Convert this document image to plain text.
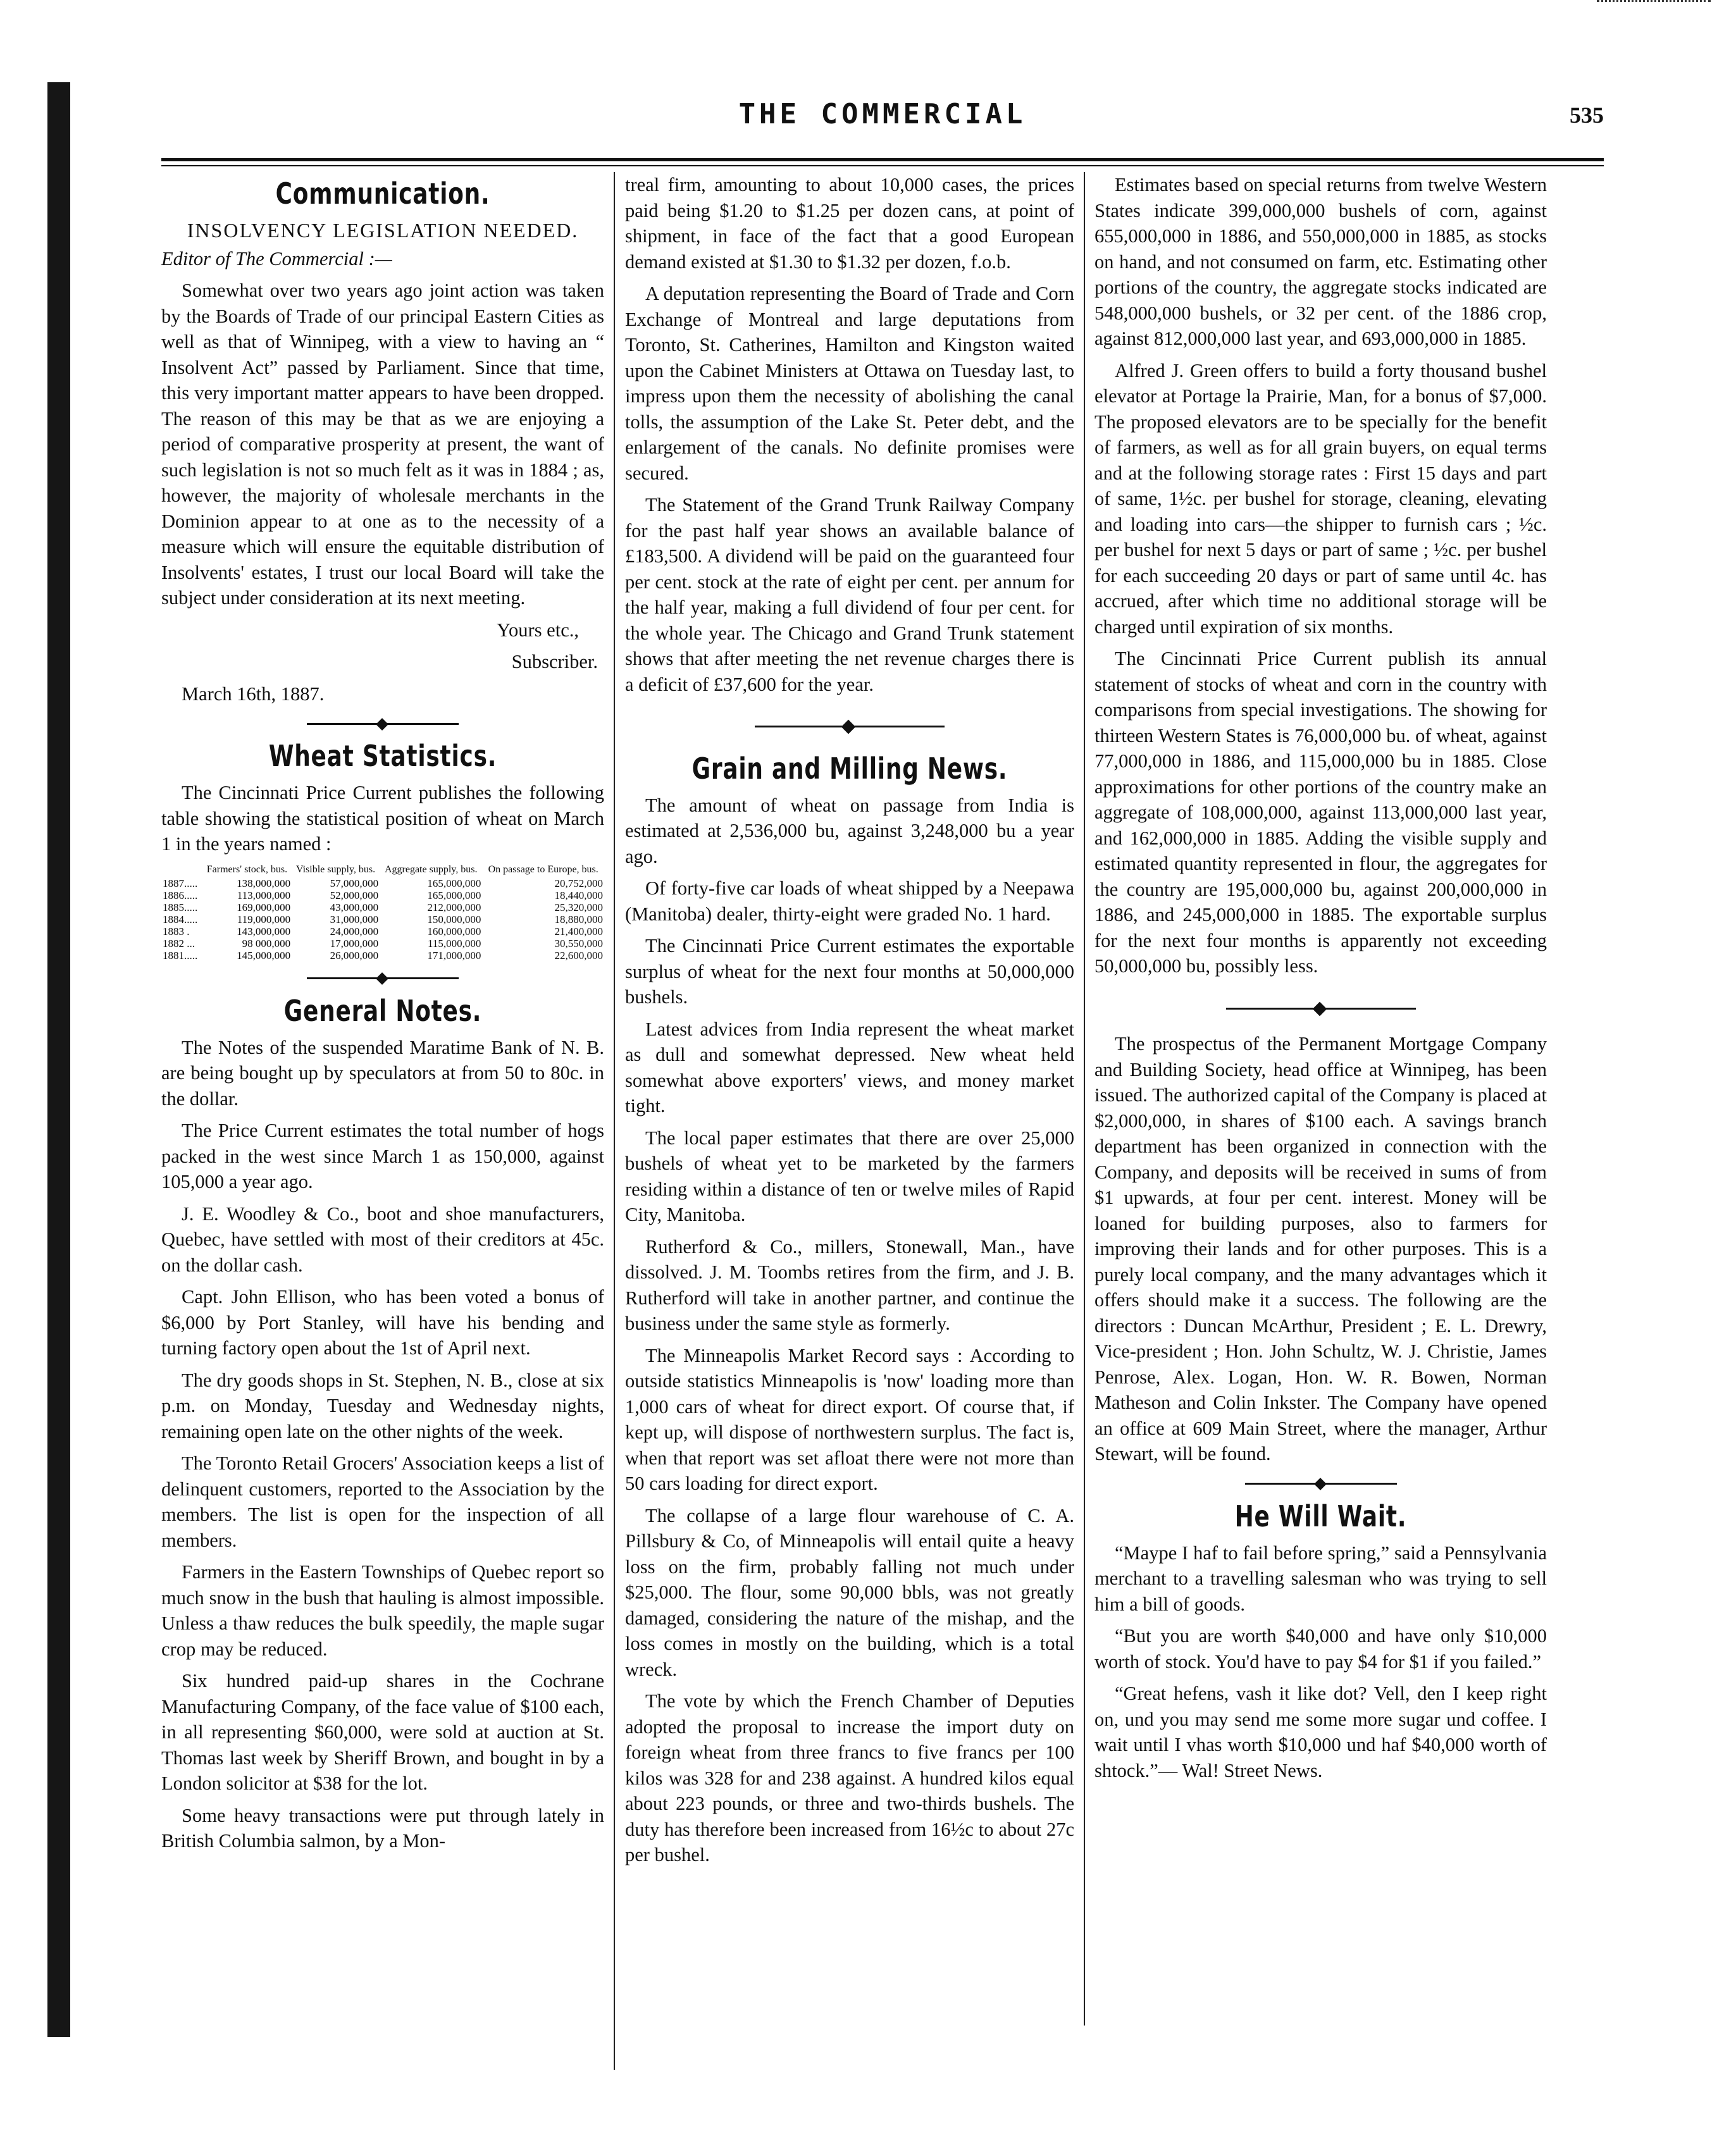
THE COMMERCIAL	535
Communication.
INSOLVENCY LEGISLATION NEEDED.

Editor of The Commercial :—

Somewhat over two years ago joint action was taken by the Boards of Trade of our principal Eastern Cities as well as that of Winnipeg, with a view to having an “ Insolvent Act” passed by Parliament. Since that time, this very important matter appears to have been dropped. The reason of this may be that as we are enjoying a period of comparative prosperity at present, the want of such legislation is not so much felt as it was in 1884 ; as, however, the majority of wholesale merchants in the Dominion appear to at one as to the necessity of a measure which will ensure the equitable distribution of Insolvents' estates, I trust our local Board will take the subject under consideration at its next meeting.

Yours etc.,

Subscriber.

March 16th, 1887.

Wheat Statistics.

The Cincinnati Price Current publishes the following table showing the statistical position of wheat on March 1 in the years named :

	Farmers' stock, bus.	Visible supply, bus.	Aggregate supply, bus.	On passage to Europe, bus.
1887.....	138,000,000	57,000,000	165,000,000	20,752,000
1886.....	113,000,000	52,000,000	165,000,000	18,440,000
1885.....	169,000,000	43,000,000	212,000,000	25,320,000
1884.....	119,000,000	31,000,000	150,000,000	18,880,000
1883 .	143,000,000	24,000,000	160,000,000	21,400,000
1882 ...	98 000,000	17,000,000	115,000,000	30,550,000
1881.....	145,000,000	26,000,000	171,000,000	22,600,000
General Notes.

The Notes of the suspended Maratime Bank of N. B. are being bought up by speculators at from 50 to 80c. in the dollar.

The Price Current estimates the total number of hogs packed in the west since March 1 as 150,000, against 105,000 a year ago.

J. E. Woodley & Co., boot and shoe manufacturers, Quebec, have settled with most of their creditors at 45c. on the dollar cash.

Capt. John Ellison, who has been voted a bonus of $6,000 by Port Stanley, will have his bending and turning factory open about the 1st of April next.

The dry goods shops in St. Stephen, N. B., close at six p.m. on Monday, Tuesday and Wednesday nights, remaining open late on the other nights of the week.

The Toronto Retail Grocers' Association keeps a list of delinquent customers, reported to the Association by the members. The list is open for the inspection of all members.

Farmers in the Eastern Townships of Quebec report so much snow in the bush that hauling is almost impossible. Unless a thaw reduces the bulk speedily, the maple sugar crop may be reduced.

Six hundred paid-up shares in the Cochrane Manufacturing Company, of the face value of $100 each, in all representing $60,000, were sold at auction at St. Thomas last week by Sheriff Brown, and bought in by a London solicitor at $38 for the lot.

Some heavy transactions were put through lately in British Columbia salmon, by a Mon-

treal firm, amounting to about 10,000 cases, the prices paid being $1.20 to $1.25 per dozen cans, at point of shipment, in face of the fact that a good European demand existed at $1.30 to $1.32 per dozen, f.o.b.

A deputation representing the Board of Trade and Corn Exchange of Montreal and large deputations from Toronto, St. Catherines, Hamilton and Kingston waited upon the Cabinet Ministers at Ottawa on Tuesday last, to impress upon them the necessity of abolishing the canal tolls, the assumption of the Lake St. Peter debt, and the enlargement of the canals. No definite promises were secured.

The Statement of the Grand Trunk Railway Company for the past half year shows an available balance of £183,500. A dividend will be paid on the guaranteed four per cent. stock at the rate of eight per cent. per annum for the half year, making a full dividend of four per cent. for the whole year. The Chicago and Grand Trunk statement shows that after meeting the net revenue charges there is a deficit of £37,600 for the year.

Grain and Milling News.

The amount of wheat on passage from India is estimated at 2,536,000 bu, against 3,248,000 bu a year ago.

Of forty-five car loads of wheat shipped by a Neepawa (Manitoba) dealer, thirty-eight were graded No. 1 hard.

The Cincinnati Price Current estimates the exportable surplus of wheat for the next four months at 50,000,000 bushels.

Latest advices from India represent the wheat market as dull and somewhat depressed. New wheat held somewhat above exporters' views, and money market tight.

The local paper estimates that there are over 25,000 bushels of wheat yet to be marketed by the farmers residing within a distance of ten or twelve miles of Rapid City, Manitoba.

Rutherford & Co., millers, Stonewall, Man., have dissolved. J. M. Toombs retires from the firm, and J. B. Rutherford will take in another partner, and continue the business under the same style as formerly.

The Minneapolis Market Record says : According to outside statistics Minneapolis is 'now' loading more than 1,000 cars of wheat for direct export. Of course that, if kept up, will dispose of northwestern surplus. The fact is, when that report was set afloat there were not more than 50 cars loading for direct export.

The collapse of a large flour warehouse of C. A. Pillsbury & Co, of Minneapolis will entail quite a heavy loss on the firm, probably falling not much under $25,000. The flour, some 90,000 bbls, was not greatly damaged, considering the nature of the mishap, and the loss comes in mostly on the building, which is a total wreck.

The vote by which the French Chamber of Deputies adopted the proposal to increase the import duty on foreign wheat from three francs to five francs per 100 kilos was 328 for and 238 against. A hundred kilos equal about 223 pounds, or three and two-thirds bushels. The duty has therefore been increased from 16½c to about 27c per bushel.

Estimates based on special returns from twelve Western States indicate 399,000,000 bushels of corn, against 655,000,000 in 1886, and 550,000,000 in 1885, as stocks on hand, and not consumed on farm, etc. Estimating other portions of the country, the aggregate stocks indicated are 548,000,000 bushels, or 32 per cent. of the 1886 crop, against 812,000,000 last year, and 693,000,000 in 1885.

Alfred J. Green offers to build a forty thousand bushel elevator at Portage la Prairie, Man, for a bonus of $7,000. The proposed elevators are to be specially for the benefit of farmers, as well as for all grain buyers, on equal terms and at the following storage rates : First 15 days and part of same, 1½c. per bushel for storage, cleaning, elevating and loading into cars—the shipper to furnish cars ; ½c. per bushel for next 5 days or part of same ; ½c. per bushel for each succeeding 20 days or part of same until 4c. has accrued, after which time no additional storage will be charged until expiration of six months.

The Cincinnati Price Current publish its annual statement of stocks of wheat and corn in the country with comparisons from special investigations. The showing for thirteen Western States is 76,000,000 bu. of wheat, against 77,000,000 in 1886, and 115,000,000 bu in 1885. Close approximations for other portions of the country make an aggregate of 108,000,000, against 113,000,000 last year, and 162,000,000 in 1885. Adding the visible supply and estimated quantity represented in flour, the aggregates for the country are 195,000,000 bu, against 200,000,000 in 1886, and 245,000,000 in 1885. The exportable surplus for the next four months is apparently not exceeding 50,000,000 bu, possibly less.

The prospectus of the Permanent Mortgage Company and Building Society, head office at Winnipeg, has been issued. The authorized capital of the Company is placed at $2,000,000, in shares of $100 each. A savings branch department has been organized in connection with the Company, and deposits will be received in sums of from $1 upwards, at four per cent. interest. Money will be loaned for building purposes, also to farmers for improving their lands and for other purposes. This is a purely local company, and the many advantages which it offers should make it a success. The following are the directors : Duncan McArthur, President ; E. L. Drewry, Vice-president ; Hon. John Schultz, W. J. Christie, James Penrose, Alex. Logan, Hon. W. R. Bowen, Norman Matheson and Colin Inkster. The Company have opened an office at 609 Main Street, where the manager, Arthur Stewart, will be found.

He Will Wait.

“Maype I haf to fail before spring,” said a Pennsylvania merchant to a travelling salesman who was trying to sell him a bill of goods.

“But you are worth $40,000 and have only $10,000 worth of stock. You'd have to pay $4 for $1 if you failed.”

“Great hefens, vash it like dot? Vell, den I keep right on, und you may send me some more sugar und coffee. I wait until I vhas worth $10,000 und haf $40,000 worth of shtock.”— Wal! Street News.
